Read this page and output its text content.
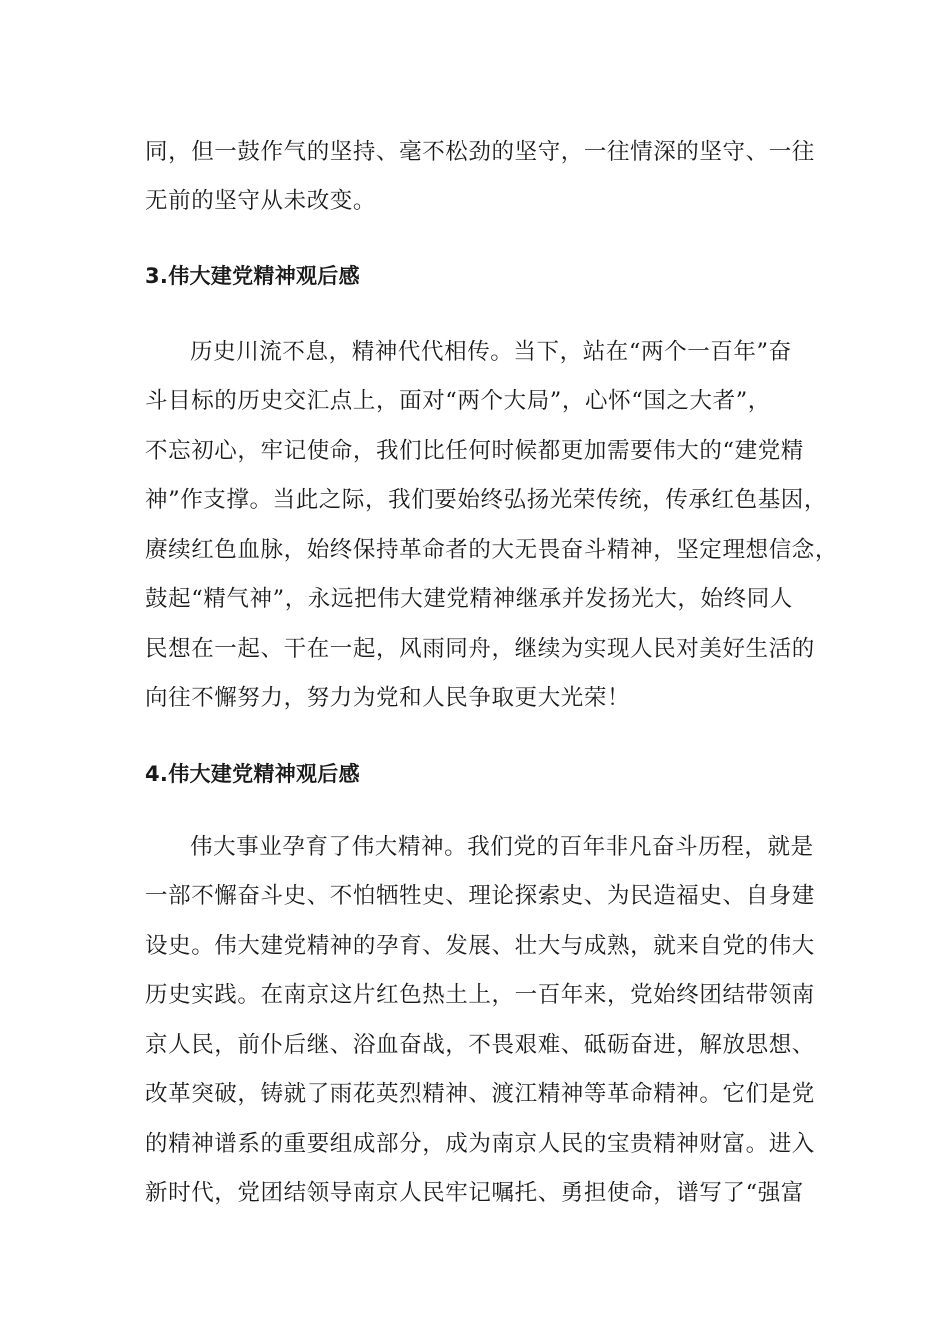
同，但一鼓作气的坚持、毫不松劲的坚守，一往情深的坚守、一往
无前的坚守从未改变。
3.伟大建党精神观后感
历史川流不息，精神代代相传。当下，站在“两个一百年”奋
斗目标的历史交汇点上，面对“两个大局”，心怀“国之大者”，
不忘初心，牢记使命，我们比任何时候都更加需要伟大的“建党精
神”作支撑。当此之际，我们要始终弘扬光荣传统，传承红色基因，
赓续红色血脉，始终保持革命者的大无畏奋斗精神，坚定理想信念，
鼓起“精气神”，永远把伟大建党精神继承并发扬光大，始终同人
民想在一起、干在一起，风雨同舟，继续为实现人民对美好生活的
向往不懈努力，努力为党和人民争取更大光荣！
4.伟大建党精神观后感
伟大事业孕育了伟大精神。我们党的百年非凡奋斗历程，就是
一部不懈奋斗史、不怕牺牲史、理论探索史、为民造福史、自身建
设史。伟大建党精神的孕育、发展、壮大与成熟，就来自党的伟大
历史实践。在南京这片红色热土上，一百年来，党始终团结带领南
京人民，前仆后继、浴血奋战，不畏艰难、砥砺奋进，解放思想、
改革突破，铸就了雨花英烈精神、渡江精神等革命精神。它们是党
的精神谱系的重要组成部分，成为南京人民的宝贵精神财富。进入
新时代，党团结领导南京人民牢记嘱托、勇担使命，谱写了“强富
